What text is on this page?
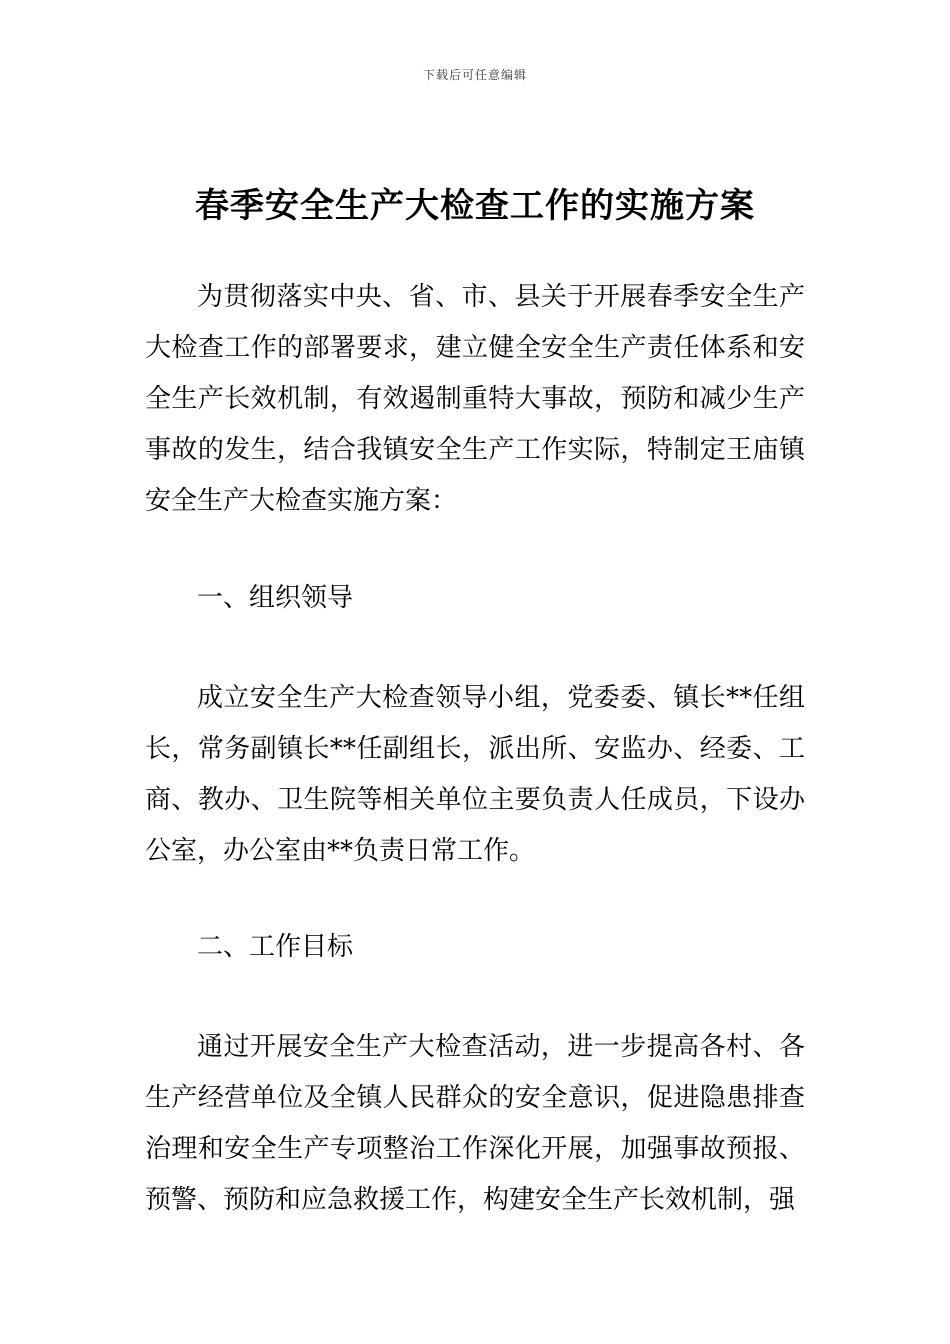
下载后可任意编辑
春季安全生产大检查工作的实施方案

为贯彻落实中央、省、市、县关于开展春季安全生产大检查工作的部署要求，建立健全安全生产责任体系和安全生产长效机制，有效遏制重特大事故，预防和减少生产事故的发生，结合我镇安全生产工作实际，特制定王庙镇安全生产大检查实施方案：

一、组织领导

成立安全生产大检查领导小组，党委委、镇长**任组长，常务副镇长**任副组长，派出所、安监办、经委、工商、教办、卫生院等相关单位主要负责人任成员，下设办公室，办公室由**负责日常工作。

二、工作目标

通过开展安全生产大检查活动，进一步提高各村、各生产经营单位及全镇人民群众的安全意识，促进隐患排查治理和安全生产专项整治工作深化开展，加强事故预报、预警、预防和应急救援工作，构建安全生产长效机制，强
